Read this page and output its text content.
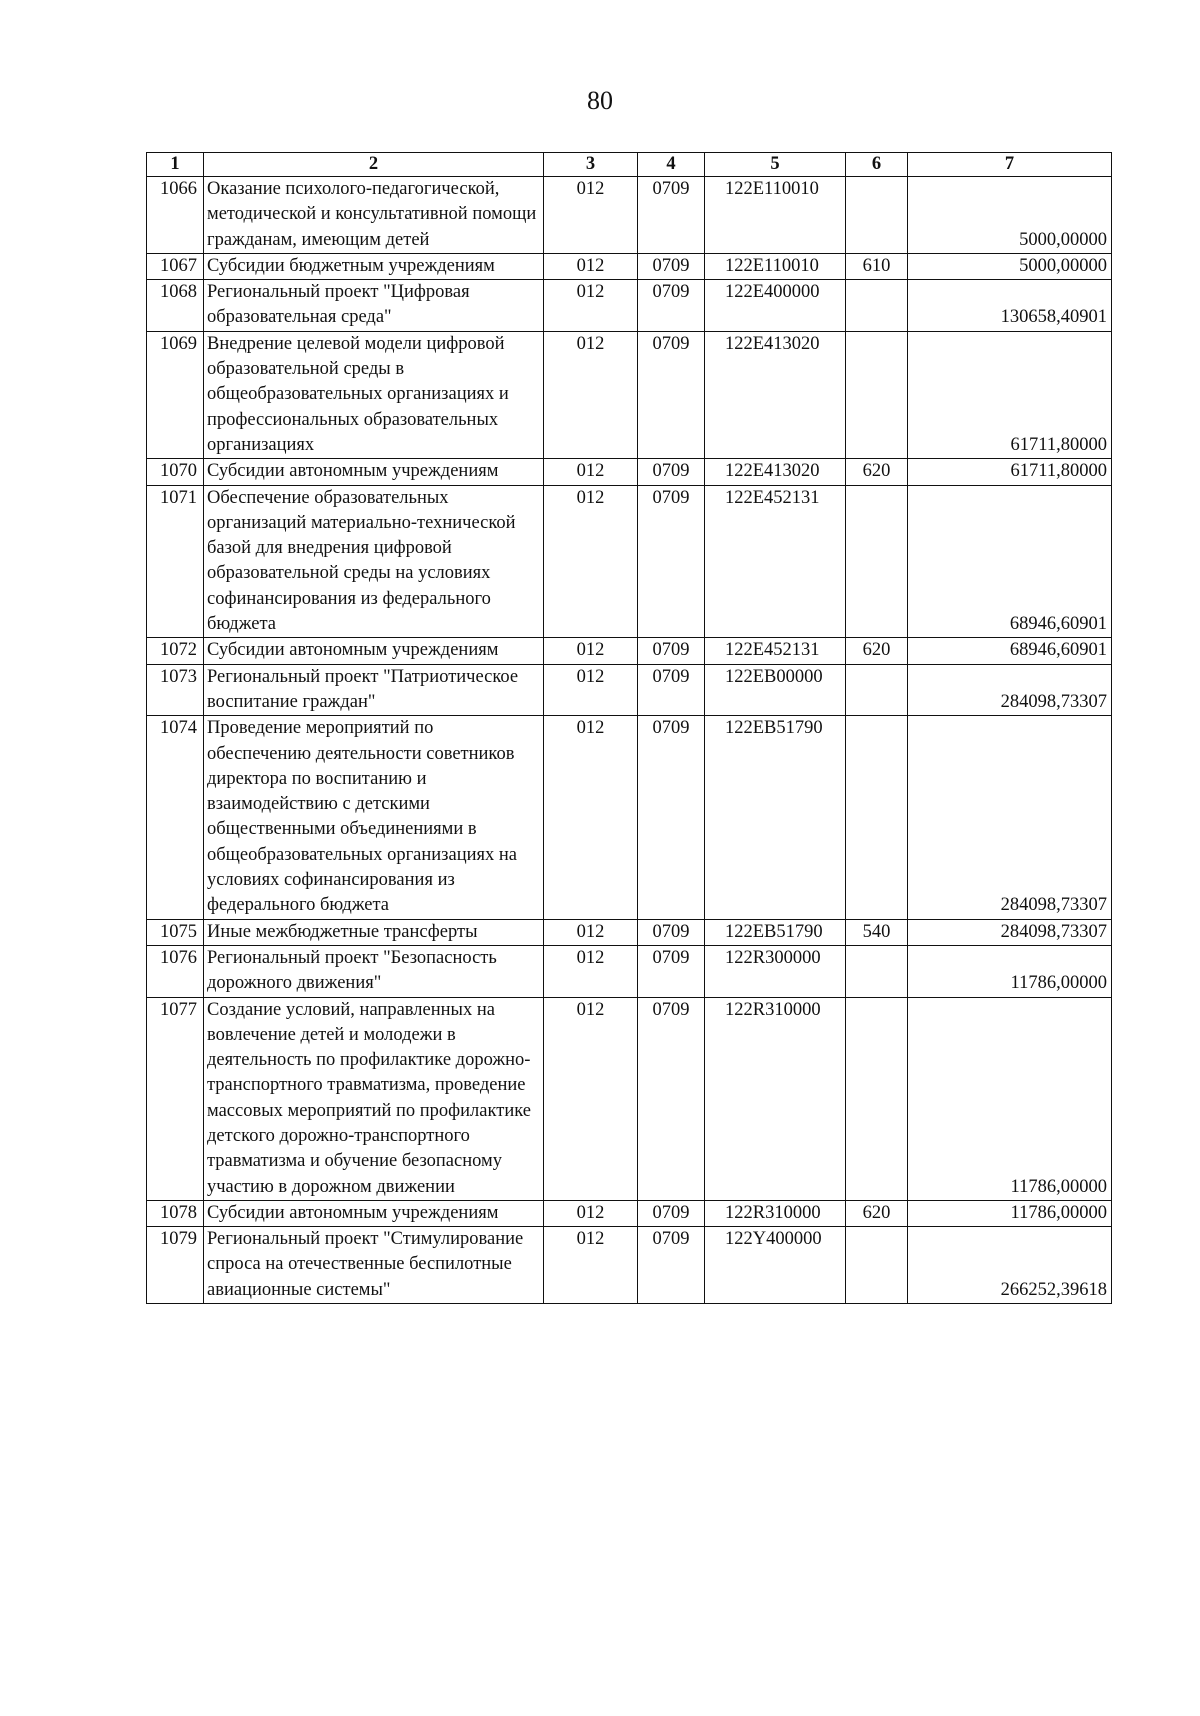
80
1	2	3	4	5	6	7
1066	Оказание психолого-педагогической, методической и консультативной помощи гражданам, имеющим детей	012	0709	122E110010		5000,00000
1067	Субсидии бюджетным учреждениям	012	0709	122E110010	610	5000,00000
1068	Региональный проект "Цифровая образовательная среда"	012	0709	122E400000		130658,40901
1069	Внедрение целевой модели цифровой образовательной среды в общеобразовательных организациях и профессиональных образовательных организациях	012	0709	122E413020		61711,80000
1070	Субсидии автономным учреждениям	012	0709	122E413020	620	61711,80000
1071	Обеспечение образовательных организаций материально-технической базой для внедрения цифровой образовательной среды на условиях софинансирования из федерального бюджета	012	0709	122E452131		68946,60901
1072	Субсидии автономным учреждениям	012	0709	122E452131	620	68946,60901
1073	Региональный проект "Патриотическое воспитание граждан"	012	0709	122EB00000		284098,73307
1074	Проведение мероприятий по обеспечению деятельности советников директора по воспитанию и взаимодействию с детскими общественными объединениями в общеобразовательных организациях на условиях софинансирования из федерального бюджета	012	0709	122EB51790		284098,73307
1075	Иные межбюджетные трансферты	012	0709	122EB51790	540	284098,73307
1076	Региональный проект "Безопасность дорожного движения"	012	0709	122R300000		11786,00000
1077	Создание условий, направленных на вовлечение детей и молодежи в деятельность по профилактике дорожно-транспортного травматизма, проведение массовых мероприятий по профилактике детского дорожно-транспортного травматизма и обучение безопасному участию в дорожном движении	012	0709	122R310000		11786,00000
1078	Субсидии автономным учреждениям	012	0709	122R310000	620	11786,00000
1079	Региональный проект "Стимулирование спроса на отечественные беспилотные авиационные системы"	012	0709	122Y400000		266252,39618
